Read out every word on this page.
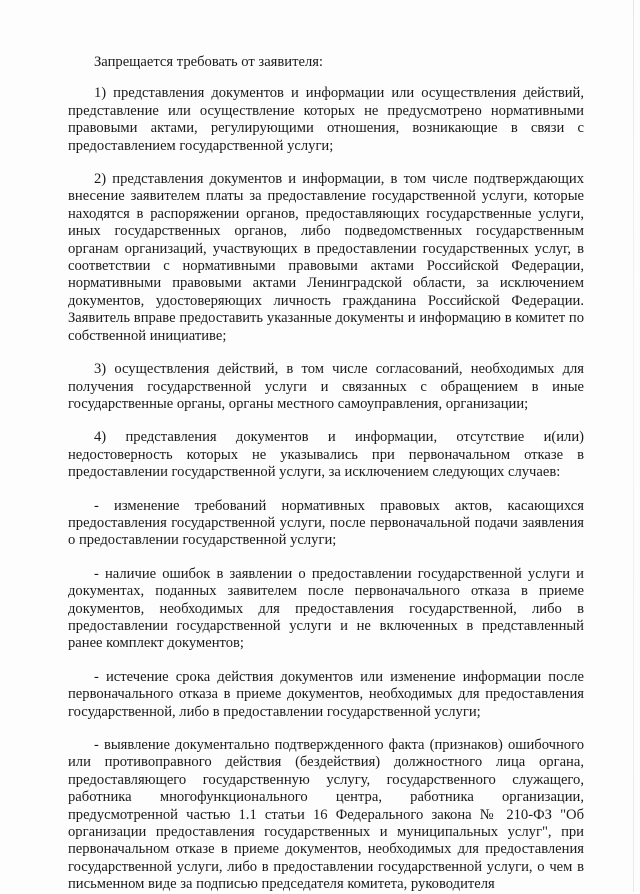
Запрещается требовать от заявителя:

1) представления документов и информации или осуществления действий, представление или осуществление которых не предусмотрено нормативными правовыми актами, регулирующими отношения, возникающие в связи с предоставлением государственной услуги;

2) представления документов и информации, в том числе подтверждающих внесение заявителем платы за предоставление государственной услуги, которые находятся в распоряжении органов, предоставляющих государственные услуги, иных государственных органов, либо подведомственных государственным органам организаций, участвующих в предоставлении государственных услуг, в соответствии с нормативными правовыми актами Российской Федерации, нормативными правовыми актами Ленинградской области, за исключением документов, удостоверяющих личность гражданина Российской Федерации. Заявитель вправе предоставить указанные документы и информацию в комитет по собственной инициативе;

3) осуществления действий, в том числе согласований, необходимых для получения государственной услуги и связанных с обращением в иные государственные органы, органы местного самоуправления, организации;

4) представления документов и информации, отсутствие и(или) недостоверность которых не указывались при первоначальном отказе в предоставлении государственной услуги, за исключением следующих случаев:

- изменение требований нормативных правовых актов, касающихся предоставления государственной услуги, после первоначальной подачи заявления о предоставлении государственной услуги;

- наличие ошибок в заявлении о предоставлении государственной услуги и документах, поданных заявителем после первоначального отказа в приеме документов, необходимых для предоставления государственной, либо в предоставлении государственной услуги и не включенных в представленный ранее комплект документов;

- истечение срока действия документов или изменение информации после первоначального отказа в приеме документов, необходимых для предоставления государственной, либо в предоставлении государственной услуги;

- выявление документально подтвержденного факта (признаков) ошибочного или противоправного действия (бездействия) должностного лица органа, предоставляющего государственную услугу, государственного служащего, работника многофункционального центра, работника организации, предусмотренной частью 1.1 статьи 16 Федерального закона № 210-ФЗ "Об организации предоставления государственных и муниципальных услуг", при первоначальном отказе в приеме документов, необходимых для предоставления государственной услуги, либо в предоставлении государственной услуги, о чем в письменном виде за подписью председателя комитета, руководителя
